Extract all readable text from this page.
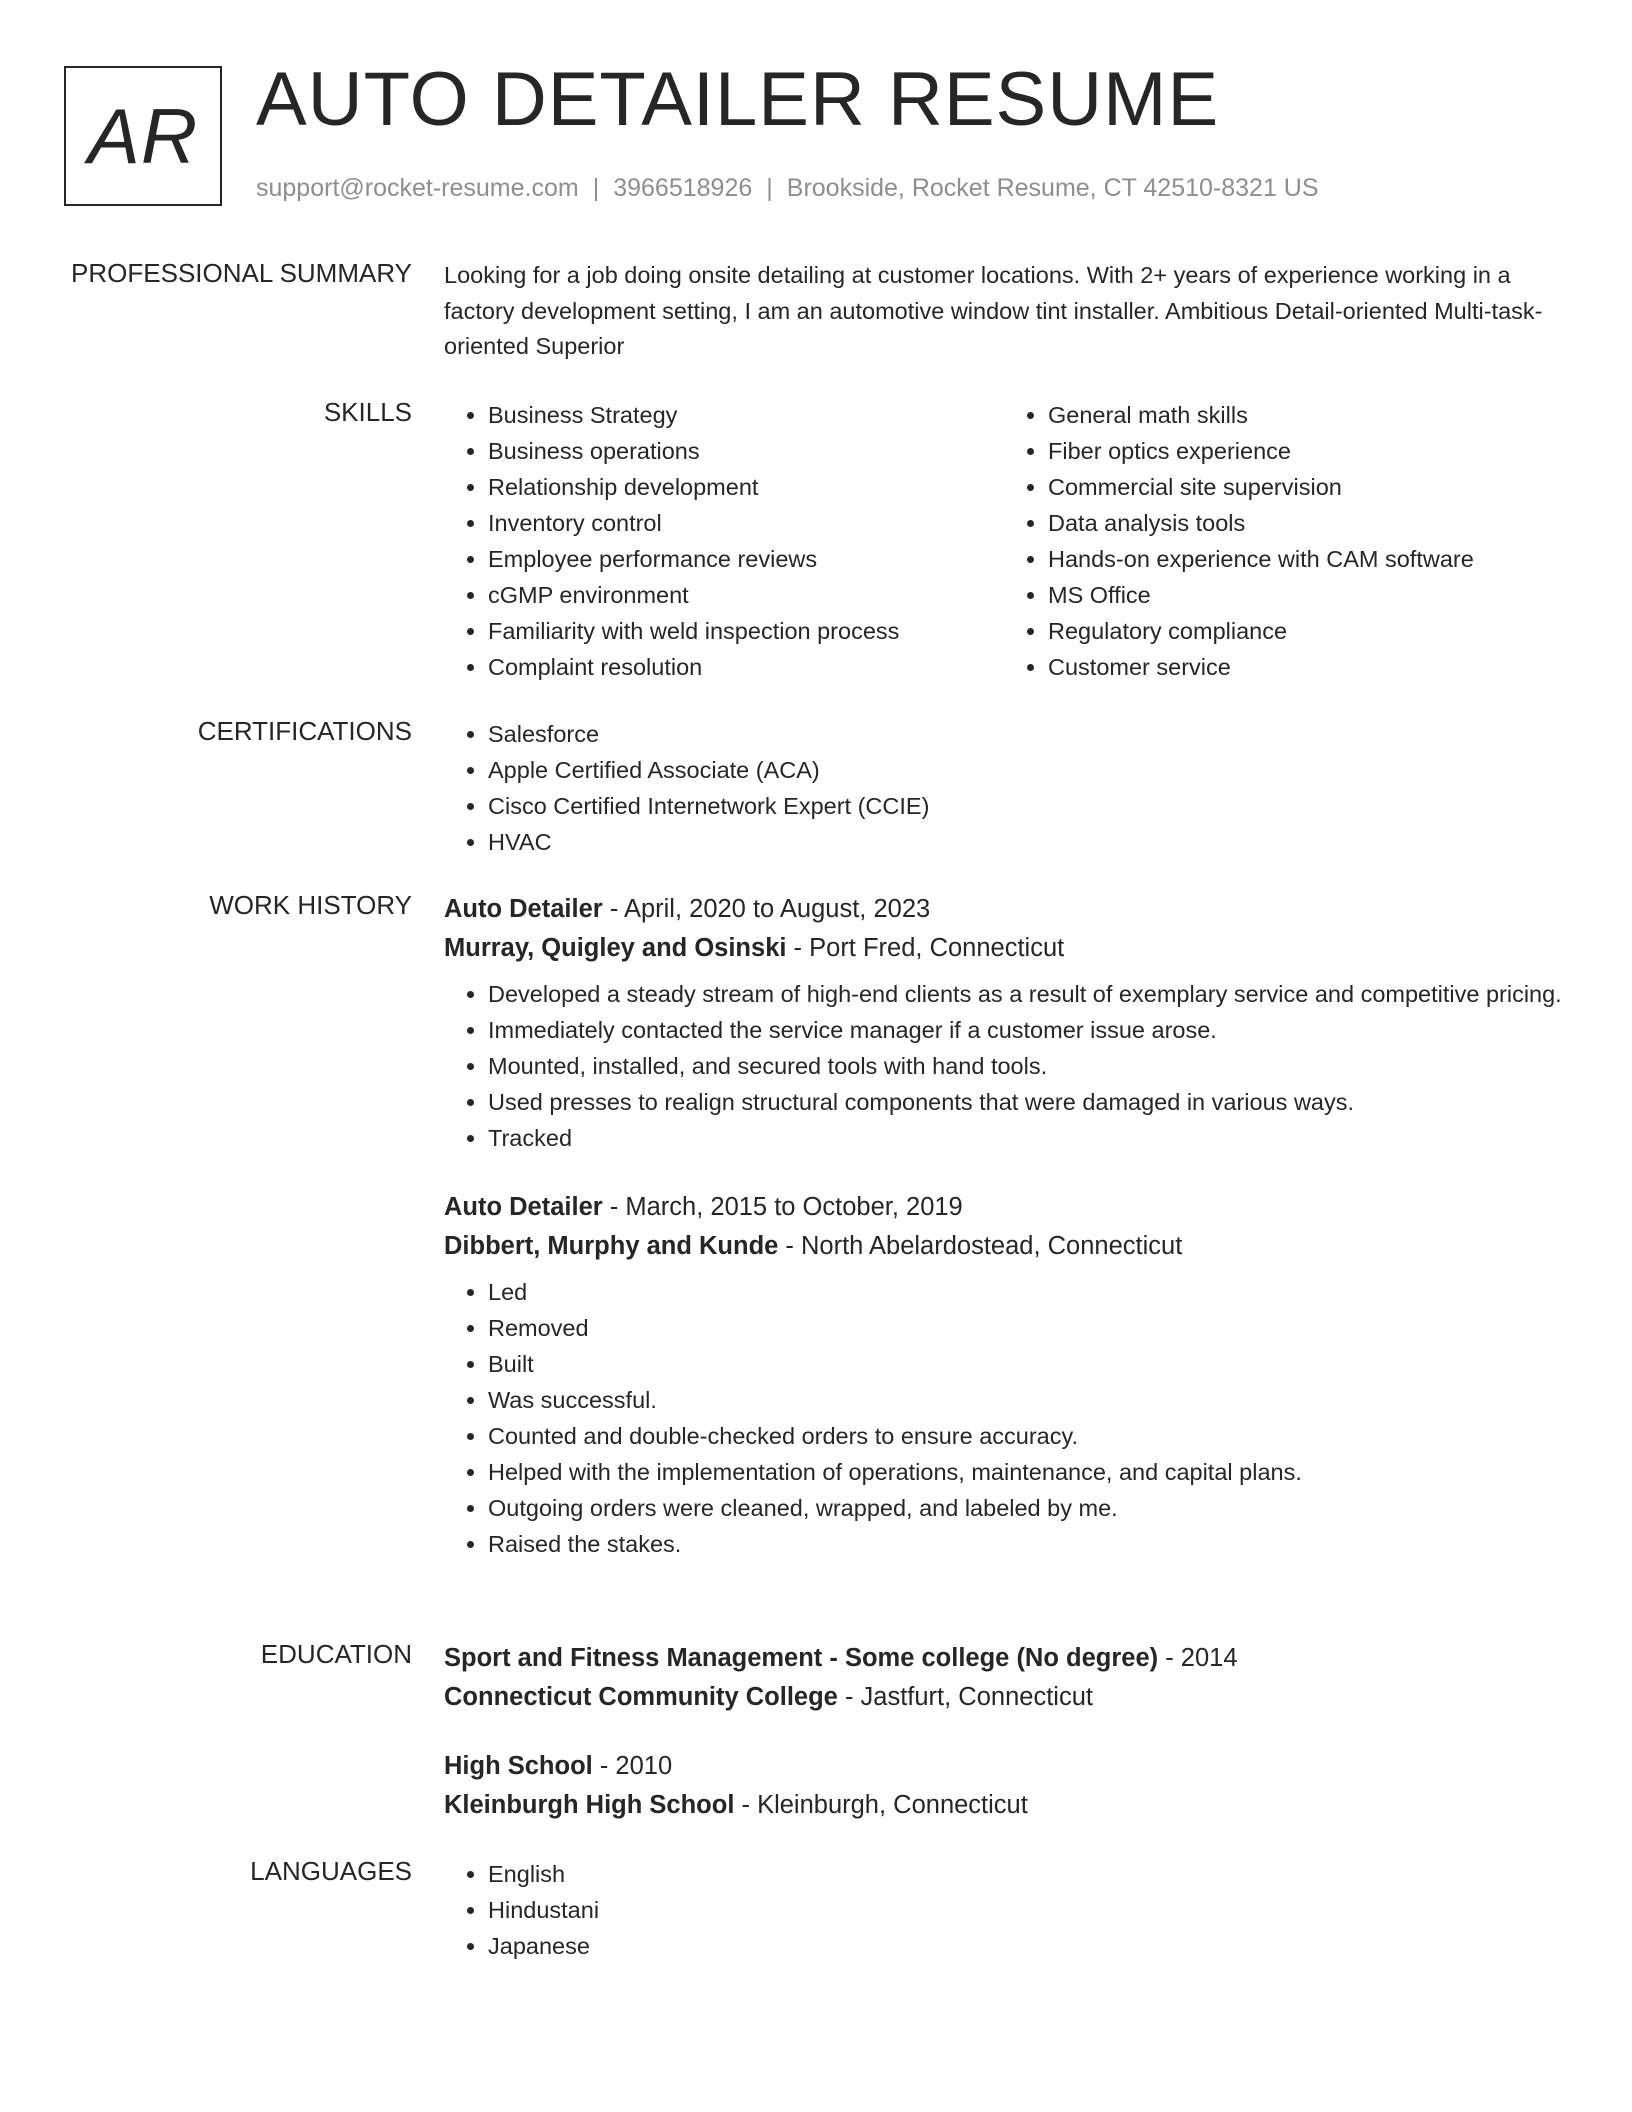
AR AUTO DETAILER RESUME
support@rocket-resume.com | 3966518926 | Brookside, Rocket Resume, CT 42510-8321 US
PROFESSIONAL SUMMARY Looking for a job doing onsite detailing at customer locations. With 2+ years of experience working in a factory development setting, I am an automotive window tint installer. Ambitious Detail-oriented Multi-task-oriented Superior

SKILLS	• Business Strategy
• Business operations
• Relationship development
• Inventory control
• Employee performance reviews
• cGMP environment
• Familiarity with weld inspection process
• Complaint resolution
• General math skills
• Fiber optics experience
• Commercial site supervision
• Data analysis tools
• Hands-on experience with CAM software
• MS Office
• Regulatory compliance
• Customer service
CERTIFICATIONS	• Salesforce
• Apple Certified Associate (ACA)
• Cisco Certified Internetwork Expert (CCIE)
• HVAC
WORK HISTORY Auto Detailer - April, 2020 to August, 2023
Murray, Quigley and Osinski - Port Fred, Connecticut
• Developed a steady stream of high-end clients as a result of exemplary service and competitive pricing.
• Immediately contacted the service manager if a customer issue arose.
• Mounted, installed, and secured tools with hand tools.
• Used presses to realign structural components that were damaged in various ways.
• Tracked
Auto Detailer - March, 2015 to October, 2019
Dibbert, Murphy and Kunde - North Abelardostead, Connecticut
• Led
• Removed
• Built
• Was successful.
• Counted and double-checked orders to ensure accuracy.
• Helped with the implementation of operations, maintenance, and capital plans.
• Outgoing orders were cleaned, wrapped, and labeled by me.
• Raised the stakes.
EDUCATION Sport and Fitness Management - Some college (No degree) - 2014
Connecticut Community College - Jastfurt, Connecticut
High School - 2010
Kleinburgh High School - Kleinburgh, Connecticut
LANGUAGES	• English
• Hindustani
• Japanese
